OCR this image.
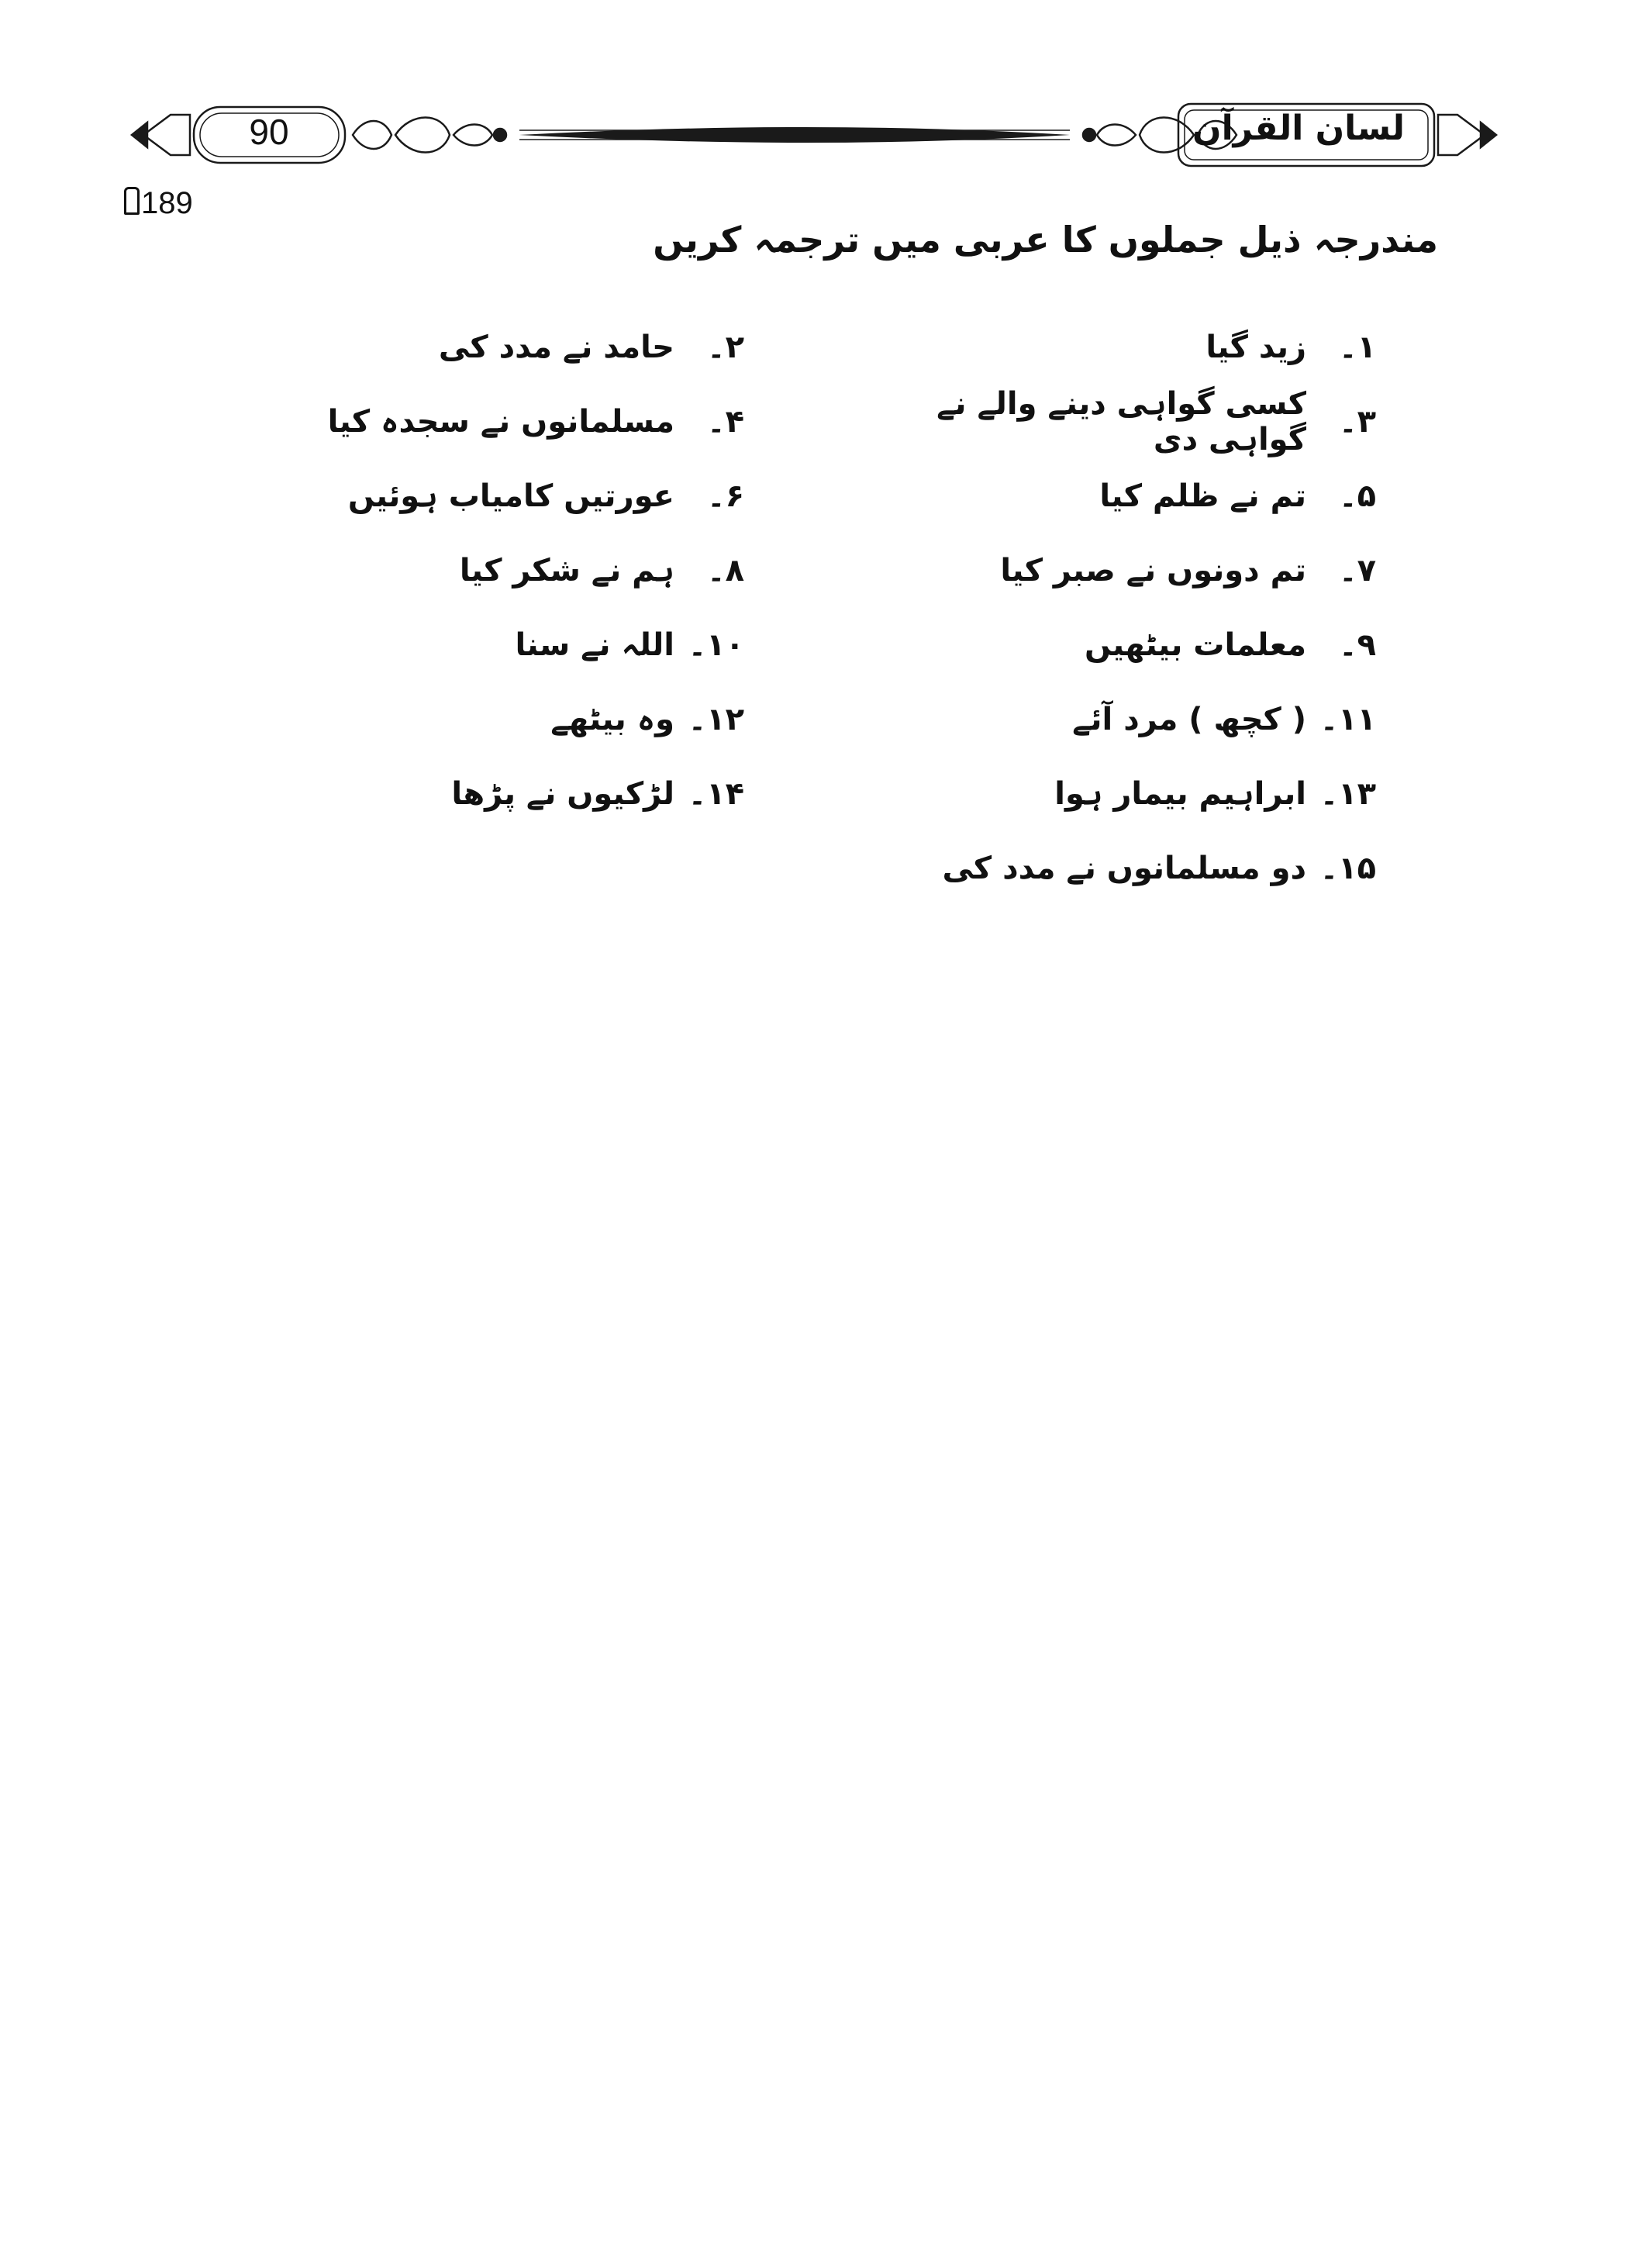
90	لسان القرآن
189
مندرجہ ذیل جملوں کا عربی میں ترجمہ کریں
۱۔
زید گیا
۳۔
کسی گواہی دینے والے نے گواہی دی
۵۔
تم نے ظلم کیا
۷۔
تم دونوں نے صبر کیا
۹۔
معلمات بیٹھیں
۱۱۔
( کچھ ) مرد آئے
۱۳۔
ابراہیم بیمار ہوا
۱۵۔
دو مسلمانوں نے مدد کی
۲۔
حامد نے مدد کی
۴۔
مسلمانوں نے سجدہ کیا
۶۔
عورتیں کامیاب ہوئیں
۸۔
ہم نے شکر کیا
۱۰۔
اللہ نے سنا
۱۲۔
وہ بیٹھے
۱۴۔
لڑکیوں نے پڑھا
